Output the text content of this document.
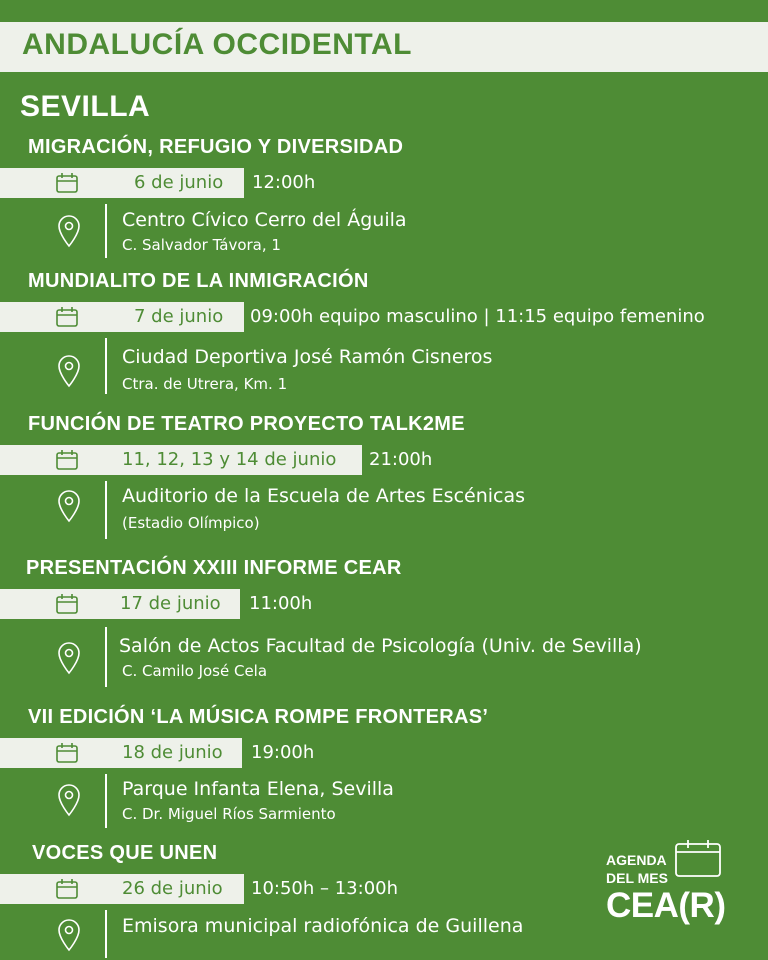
ANDALUCÍA OCCIDENTAL
SEVILLA
MIGRACIÓN, REFUGIO Y DIVERSIDAD
6 de junio 12:00h
Centro Cívico Cerro del Águila
C. Salvador Távora, 1
MUNDIALITO DE LA INMIGRACIÓN
7 de junio 09:00h equipo masculino | 11:15 equipo femenino
Ciudad Deportiva José Ramón Cisneros
Ctra. de Utrera, Km. 1
FUNCIÓN DE TEATRO PROYECTO TALK2ME
11, 12, 13 y 14 de junio 21:00h
Auditorio de la Escuela de Artes Escénicas
(Estadio Olímpico)
PRESENTACIÓN XXIII INFORME CEAR
17 de junio 11:00h
Salón de Actos Facultad de Psicología (Univ. de Sevilla)
C. Camilo José Cela
VII EDICIÓN ‘LA MÚSICA ROMPE FRONTERAS’
18 de junio 19:00h
Parque Infanta Elena, Sevilla
C. Dr. Miguel Ríos Sarmiento
VOCES QUE UNEN
26 de junio 10:50h – 13:00h
Emisora municipal radiofónica de Guillena
AGENDA
DEL MES
CEA(R)
